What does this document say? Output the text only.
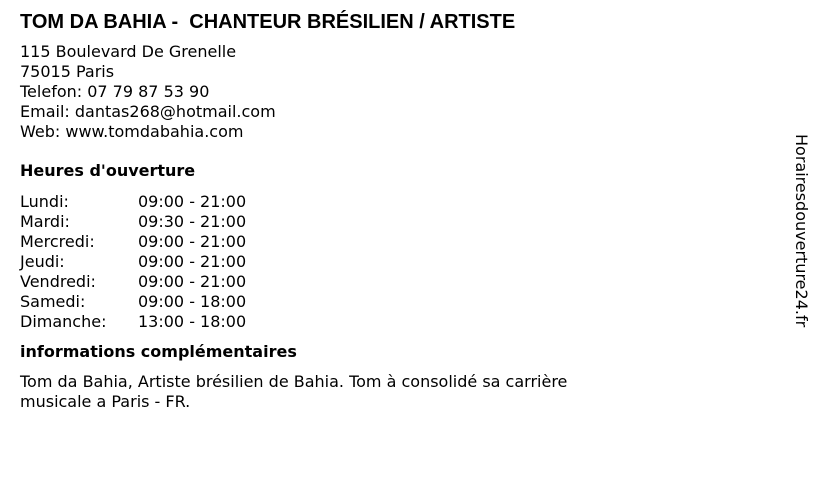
TOM DA BAHIA -  CHANTEUR BRÉSILIEN / ARTISTE
115 Boulevard De Grenelle
75015 Paris
Telefon: 07 79 87 53 90
Email: dantas268@hotmail.com
Web: www.tomdabahia.com
Heures d'ouverture
Lundi:	09:00 - 21:00
Mardi:	09:30 - 21:00
Mercredi:	09:00 - 21:00
Jeudi:	09:00 - 21:00
Vendredi:	09:00 - 21:00
Samedi:	09:00 - 18:00
Dimanche:	13:00 - 18:00
informations complémentaires
Tom da Bahia, Artiste brésilien de Bahia. Tom à consolidé sa carrière musicale a Paris - FR.
Horairesdouverture24.fr
